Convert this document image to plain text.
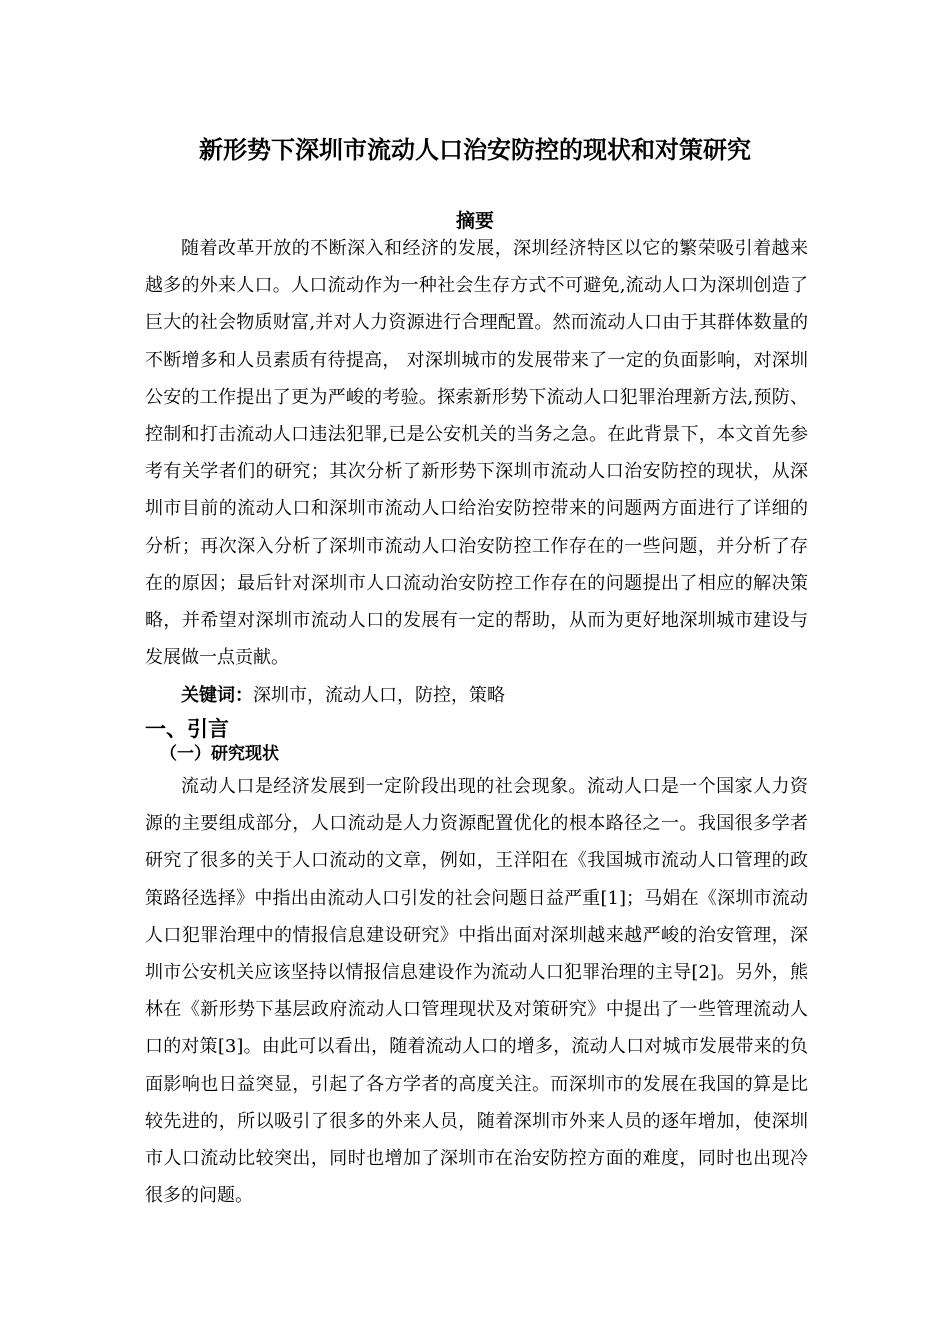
新形势下深圳市流动人口治安防控的现状和对策研究
摘要

随着改革开放的不断深入和经济的发展，深圳经济特区以它的繁荣吸引着越来越多的外来人口。人口流动作为一种社会生存方式不可避免,流动人口为深圳创造了巨大的社会物质财富,并对人力资源进行合理配置。然而流动人口由于其群体数量的不断增多和人员素质有待提高， 对深圳城市的发展带来了一定的负面影响，对深圳公安的工作提出了更为严峻的考验。探索新形势下流动人口犯罪治理新方法,预防、控制和打击流动人口违法犯罪,已是公安机关的当务之急。在此背景下，本文首先参考有关学者们的研究；其次分析了新形势下深圳市流动人口治安防控的现状，从深圳市目前的流动人口和深圳市流动人口给治安防控带来的问题两方面进行了详细的分析；再次深入分析了深圳市流动人口治安防控工作存在的一些问题，并分析了存在的原因；最后针对深圳市人口流动治安防控工作存在的问题提出了相应的解决策略，并希望对深圳市流动人口的发展有一定的帮助，从而为更好地深圳城市建设与发展做一点贡献。

关键词：深圳市，流动人口，防控，策略

一、引言
（一）研究现状

流动人口是经济发展到一定阶段出现的社会现象。流动人口是一个国家人力资源的主要组成部分，人口流动是人力资源配置优化的根本路径之一。我国很多学者研究了很多的关于人口流动的文章，例如，王洋阳在《我国城市流动人口管理的政策路径选择》中指出由流动人口引发的社会问题日益严重[1]；马娟在《深圳市流动人口犯罪治理中的情报信息建设研究》中指出面对深圳越来越严峻的治安管理，深圳市公安机关应该坚持以情报信息建设作为流动人口犯罪治理的主导[2]。另外，熊林在《新形势下基层政府流动人口管理现状及对策研究》中提出了一些管理流动人口的对策[3]。由此可以看出，随着流动人口的增多，流动人口对城市发展带来的负面影响也日益突显，引起了各方学者的高度关注。而深圳市的发展在我国的算是比较先进的，所以吸引了很多的外来人员，随着深圳市外来人员的逐年增加，使深圳市人口流动比较突出，同时也增加了深圳市在治安防控方面的难度，同时也出现冷很多的问题。
